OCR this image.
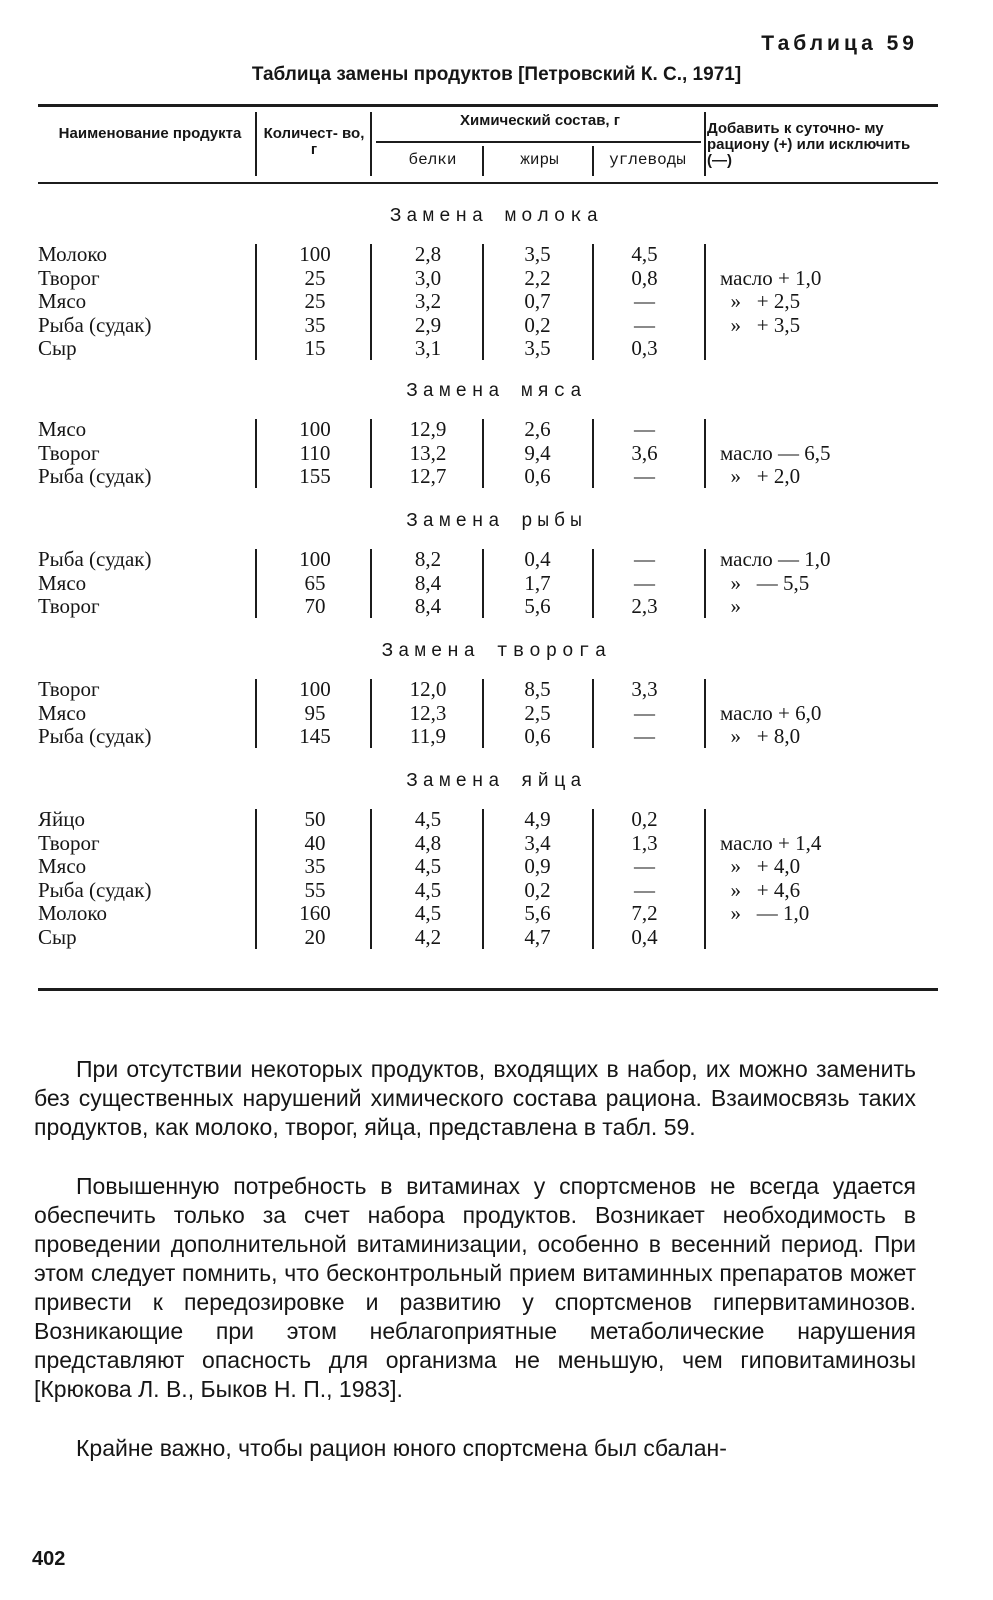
Таблица 59
Таблица замены продуктов [Петровский К. С., 1971]
Наименование продукта	Количест- во, г
Химический состав, г
белки	жиры	углеводы
Добавить к суточно- му рациону (+) или исключить (—)
Замена молока
Молоко	100	2,8	3,5	4,5
Творог	25	3,0	2,2	0,8	масло + 1,0
Мясо	25	3,2	0,7	—	»   + 2,5
Рыба (судак)	35	2,9	0,2	—	»   + 3,5
Сыр	15	3,1	3,5	0,3
Замена мяса
Мясо	100	12,9	2,6	—
Творог	110	13,2	9,4	3,6	масло — 6,5
Рыба (судак)	155	12,7	0,6	—	»   + 2,0
Замена рыбы
Рыба (судак)	100	8,2	0,4	—	масло — 1,0
Мясо	65	8,4	1,7	—	»   — 5,5
Творог	70	8,4	5,6	2,3	»
Замена творога
Творог	100	12,0	8,5	3,3
Мясо	95	12,3	2,5	—	масло + 6,0
Рыба (судак)	145	11,9	0,6	—	»   + 8,0
Замена яйца
Яйцо	50	4,5	4,9	0,2
Творог	40	4,8	3,4	1,3	масло + 1,4
Мясо	35	4,5	0,9	—	»   + 4,0
Рыба (судак)	55	4,5	0,2	—	»   + 4,6
Молоко	160	4,5	5,6	7,2	»   — 1,0
Сыр	20	4,2	4,7	0,4

При отсутствии некоторых продуктов, входящих в набор, их можно заменить без существенных нарушений химического состава рациона. Взаимосвязь таких продуктов, как молоко, творог, яйца, представлена в табл. 59.

Повышенную потребность в витаминах у спортсменов не всегда удается обеспечить только за счет набора продуктов. Возникает необходимость в проведении дополнительной витаминизации, особенно в весенний период. При этом следует помнить, что бесконтрольный прием витаминных препаратов может привести к передозировке и развитию у спортсменов гипервитаминозов. Возникающие при этом неблагоприятные метаболические нарушения представляют опасность для организма не меньшую, чем гиповитаминозы [Крюкова Л. В., Быков Н. П., 1983].

Крайне важно, чтобы рацион юного спортсмена был сбалан-

402
